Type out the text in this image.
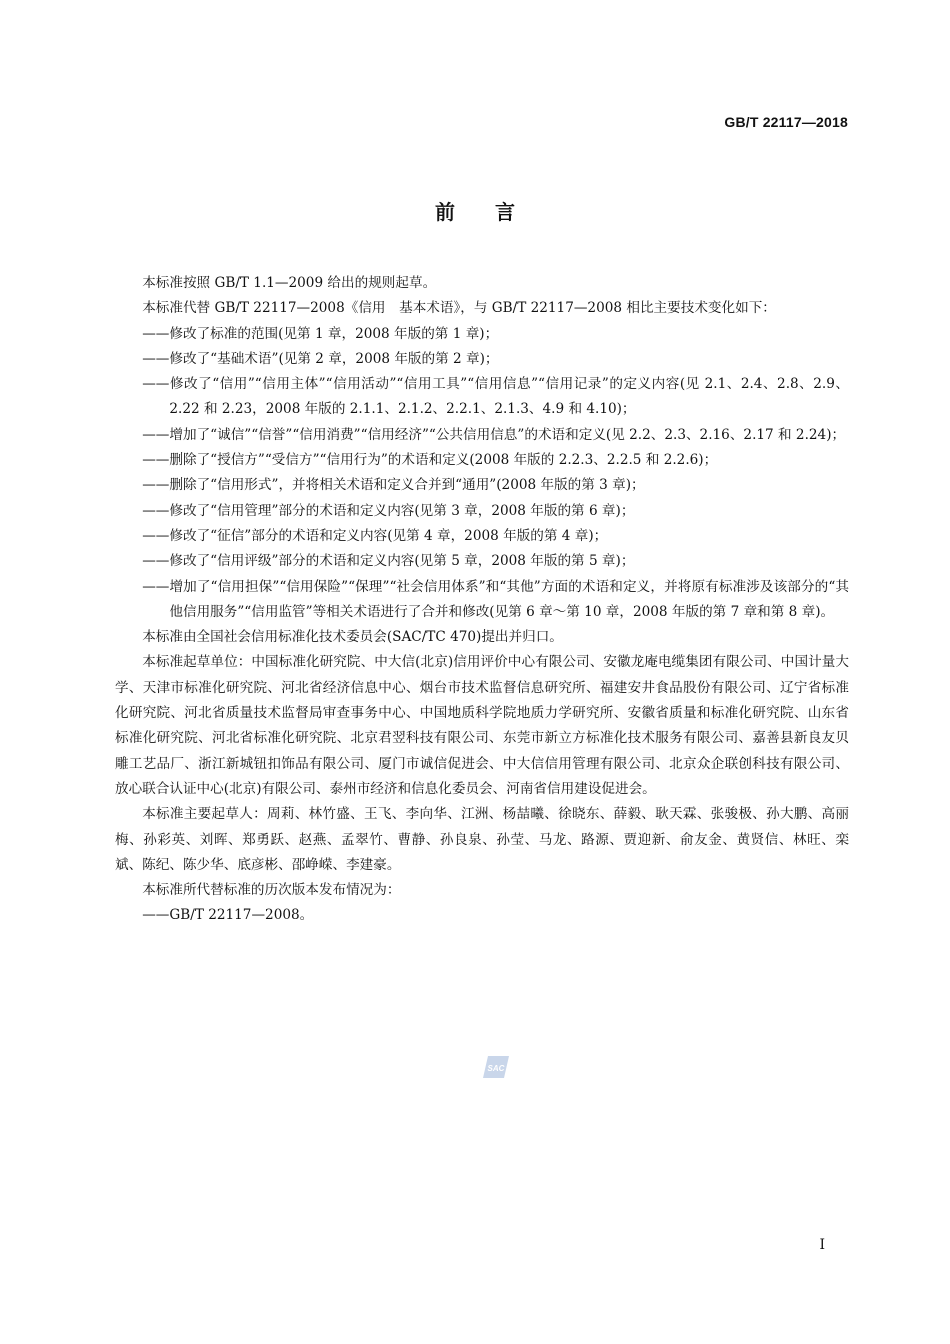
GB/T 22117—2018
前言

本标准按照 GB/T 1.1—2009 给出的规则起草。

本标准代替 GB/T 22117—2008《信用　基本术语》，与 GB/T 22117—2008 相比主要技术变化如下：

——修改了标准的范围(见第 1 章，2008 年版的第 1 章)；

——修改了“基础术语”(见第 2 章，2008 年版的第 2 章)；

——修改了“信用”“信用主体”“信用活动”“信用工具”“信用信息”“信用记录”的定义内容(见 2.1、2.4、2.8、2.9、2.22 和 2.23，2008 年版的 2.1.1、2.1.2、2.2.1、2.1.3、4.9 和 4.10)；

——增加了“诚信”“信誉”“信用消费”“信用经济”“公共信用信息”的术语和定义(见 2.2、2.3、2.16、2.17 和 2.24)；

——删除了“授信方”“受信方”“信用行为”的术语和定义(2008 年版的 2.2.3、2.2.5 和 2.2.6)；

——删除了“信用形式”，并将相关术语和定义合并到“通用”(2008 年版的第 3 章)；

——修改了“信用管理”部分的术语和定义内容(见第 3 章，2008 年版的第 6 章)；

——修改了“征信”部分的术语和定义内容(见第 4 章，2008 年版的第 4 章)；

——修改了“信用评级”部分的术语和定义内容(见第 5 章，2008 年版的第 5 章)；

——增加了“信用担保”“信用保险”“保理”“社会信用体系”和“其他”方面的术语和定义，并将原有标准涉及该部分的“其他信用服务”“信用监管”等相关术语进行了合并和修改(见第 6 章～第 10 章，2008 年版的第 7 章和第 8 章)。

本标准由全国社会信用标准化技术委员会(SAC/TC 470)提出并归口。

本标准起草单位：中国标准化研究院、中大信(北京)信用评价中心有限公司、安徽龙庵电缆集团有限公司、中国计量大学、天津市标准化研究院、河北省经济信息中心、烟台市技术监督信息研究所、福建安井食品股份有限公司、辽宁省标准化研究院、河北省质量技术监督局审查事务中心、中国地质科学院地质力学研究所、安徽省质量和标准化研究院、山东省标准化研究院、河北省标准化研究院、北京君翌科技有限公司、东莞市新立方标准化技术服务有限公司、嘉善县新良友贝雕工艺品厂、浙江新城钮扣饰品有限公司、厦门市诚信促进会、中大信信用管理有限公司、北京众企联创科技有限公司、放心联合认证中心(北京)有限公司、泰州市经济和信息化委员会、河南省信用建设促进会。

本标准主要起草人：周莉、林竹盛、王飞、李向华、江洲、杨喆曦、徐晓东、薛毅、耿天霖、张骏极、孙大鹏、高丽梅、孙彩英、刘晖、郑勇跃、赵燕、孟翠竹、曹静、孙良泉、孙莹、马龙、路源、贾迎新、俞友金、黄贤信、林旺、栾斌、陈纪、陈少华、底彦彬、邵峥嵘、李建豪。

本标准所代替标准的历次版本发布情况为：

——GB/T 22117—2008。

SAC
I
